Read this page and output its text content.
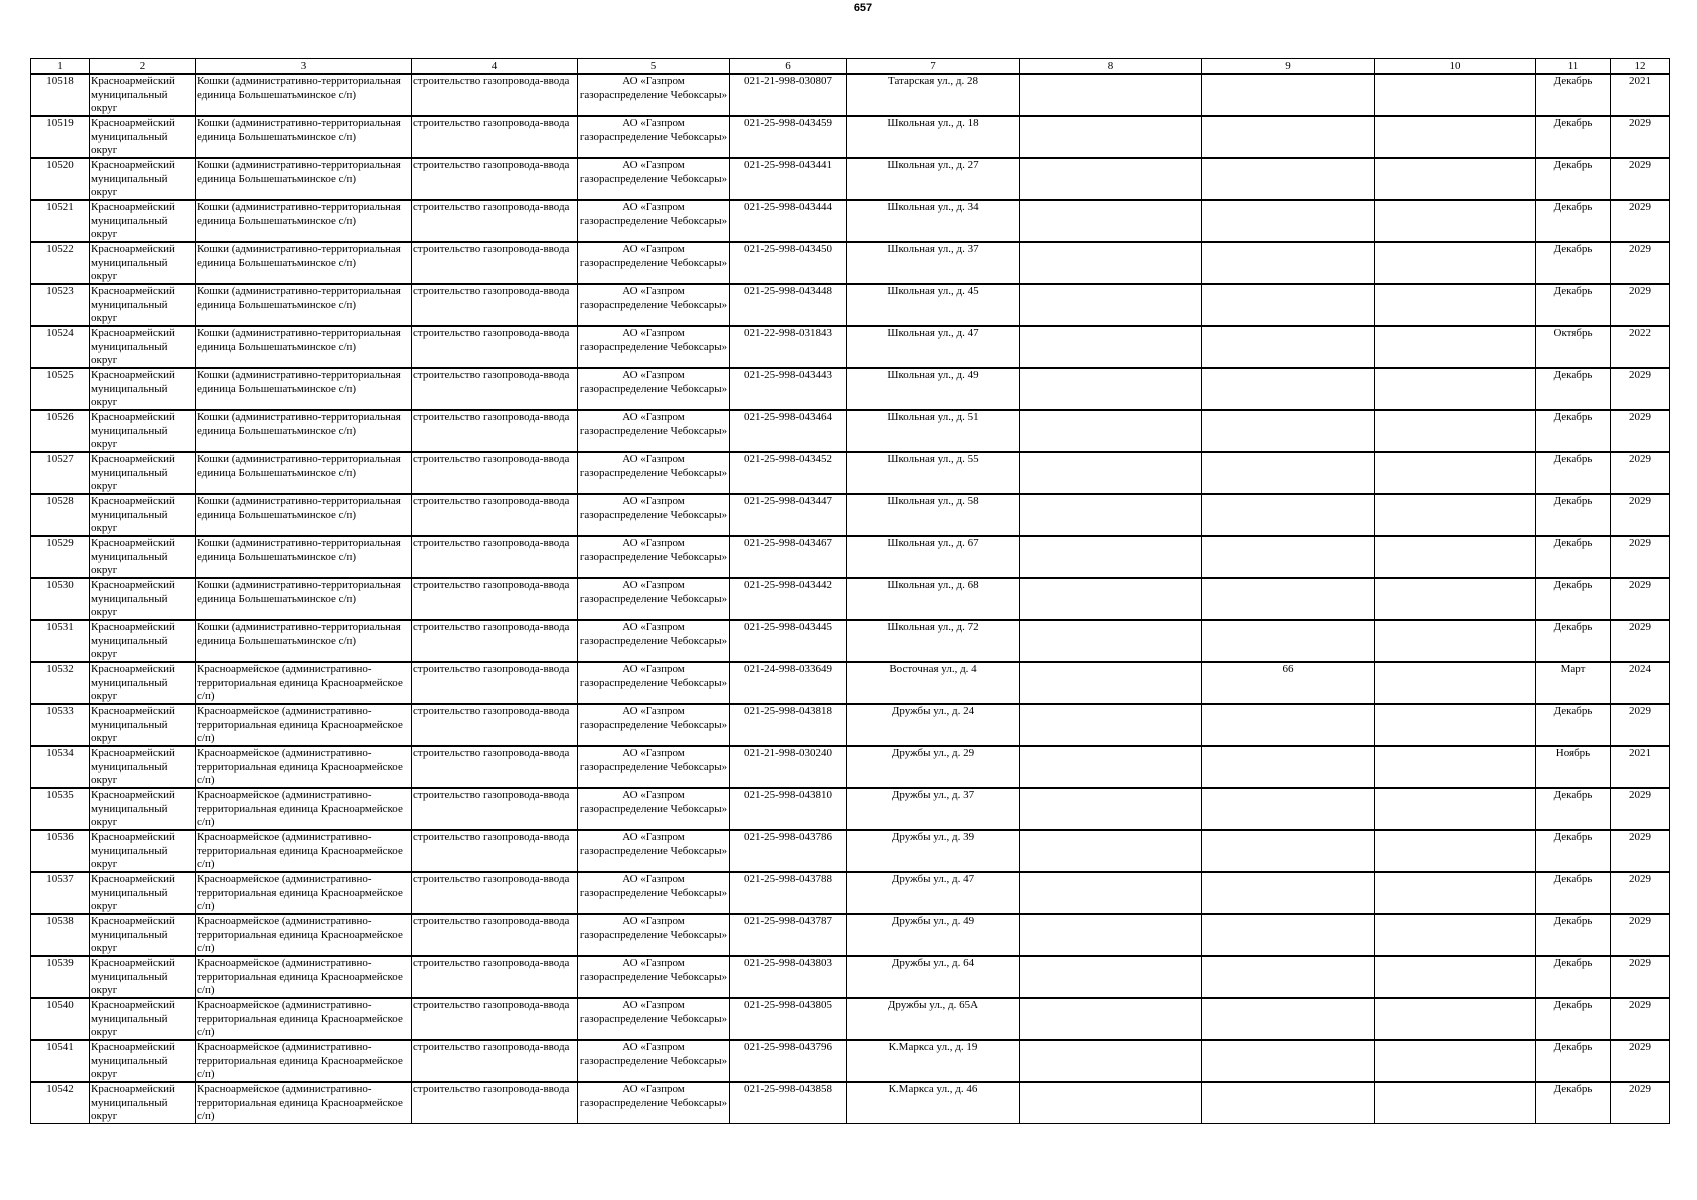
657
1	2	3	4	5	6	7	8	9	10	11	12

10518	Красноармейский муниципальный округ	Кошки (административно-территориальная единица Большешатьминское с/п)	строительство газопровода-ввода	АО «Газпром газораспределение Чебоксары»	021-21-998-030807	Татарская ул., д. 28				Декабрь	2021

10519	Красноармейский муниципальный округ	Кошки (административно-территориальная единица Большешатьминское с/п)	строительство газопровода-ввода	АО «Газпром газораспределение Чебоксары»	021-25-998-043459	Школьная ул., д. 18				Декабрь	2029

10520	Красноармейский муниципальный округ	Кошки (административно-территориальная единица Большешатьминское с/п)	строительство газопровода-ввода	АО «Газпром газораспределение Чебоксары»	021-25-998-043441	Школьная ул., д. 27				Декабрь	2029

10521	Красноармейский муниципальный округ	Кошки (административно-территориальная единица Большешатьминское с/п)	строительство газопровода-ввода	АО «Газпром газораспределение Чебоксары»	021-25-998-043444	Школьная ул., д. 34				Декабрь	2029

10522	Красноармейский муниципальный округ	Кошки (административно-территориальная единица Большешатьминское с/п)	строительство газопровода-ввода	АО «Газпром газораспределение Чебоксары»	021-25-998-043450	Школьная ул., д. 37				Декабрь	2029

10523	Красноармейский муниципальный округ	Кошки (административно-территориальная единица Большешатьминское с/п)	строительство газопровода-ввода	АО «Газпром газораспределение Чебоксары»	021-25-998-043448	Школьная ул., д. 45				Декабрь	2029

10524	Красноармейский муниципальный округ	Кошки (административно-территориальная единица Большешатьминское с/п)	строительство газопровода-ввода	АО «Газпром газораспределение Чебоксары»	021-22-998-031843	Школьная ул., д. 47				Октябрь	2022

10525	Красноармейский муниципальный округ	Кошки (административно-территориальная единица Большешатьминское с/п)	строительство газопровода-ввода	АО «Газпром газораспределение Чебоксары»	021-25-998-043443	Школьная ул., д. 49				Декабрь	2029

10526	Красноармейский муниципальный округ	Кошки (административно-территориальная единица Большешатьминское с/п)	строительство газопровода-ввода	АО «Газпром газораспределение Чебоксары»	021-25-998-043464	Школьная ул., д. 51				Декабрь	2029

10527	Красноармейский муниципальный округ	Кошки (административно-территориальная единица Большешатьминское с/п)	строительство газопровода-ввода	АО «Газпром газораспределение Чебоксары»	021-25-998-043452	Школьная ул., д. 55				Декабрь	2029

10528	Красноармейский муниципальный округ	Кошки (административно-территориальная единица Большешатьминское с/п)	строительство газопровода-ввода	АО «Газпром газораспределение Чебоксары»	021-25-998-043447	Школьная ул., д. 58				Декабрь	2029

10529	Красноармейский муниципальный округ	Кошки (административно-территориальная единица Большешатьминское с/п)	строительство газопровода-ввода	АО «Газпром газораспределение Чебоксары»	021-25-998-043467	Школьная ул., д. 67				Декабрь	2029

10530	Красноармейский муниципальный округ	Кошки (административно-территориальная единица Большешатьминское с/п)	строительство газопровода-ввода	АО «Газпром газораспределение Чебоксары»	021-25-998-043442	Школьная ул., д. 68				Декабрь	2029

10531	Красноармейский муниципальный округ	Кошки (административно-территориальная единица Большешатьминское с/п)	строительство газопровода-ввода	АО «Газпром газораспределение Чебоксары»	021-25-998-043445	Школьная ул., д. 72				Декабрь	2029

10532	Красноармейский муниципальный округ	Красноармейское (административно-территориальная единица Красноармейское с/п)	строительство газопровода-ввода	АО «Газпром газораспределение Чебоксары»	021-24-998-033649	Восточная ул., д. 4		66		Март	2024

10533	Красноармейский муниципальный округ	Красноармейское (административно-территориальная единица Красноармейское с/п)	строительство газопровода-ввода	АО «Газпром газораспределение Чебоксары»	021-25-998-043818	Дружбы ул., д. 24				Декабрь	2029

10534	Красноармейский муниципальный округ	Красноармейское (административно-территориальная единица Красноармейское с/п)	строительство газопровода-ввода	АО «Газпром газораспределение Чебоксары»	021-21-998-030240	Дружбы ул., д. 29				Ноябрь	2021

10535	Красноармейский муниципальный округ	Красноармейское (административно-территориальная единица Красноармейское с/п)	строительство газопровода-ввода	АО «Газпром газораспределение Чебоксары»	021-25-998-043810	Дружбы ул., д. 37				Декабрь	2029

10536	Красноармейский муниципальный округ	Красноармейское (административно-территориальная единица Красноармейское с/п)	строительство газопровода-ввода	АО «Газпром газораспределение Чебоксары»	021-25-998-043786	Дружбы ул., д. 39				Декабрь	2029

10537	Красноармейский муниципальный округ	Красноармейское (административно-территориальная единица Красноармейское с/п)	строительство газопровода-ввода	АО «Газпром газораспределение Чебоксары»	021-25-998-043788	Дружбы ул., д. 47				Декабрь	2029

10538	Красноармейский муниципальный округ	Красноармейское (административно-территориальная единица Красноармейское с/п)	строительство газопровода-ввода	АО «Газпром газораспределение Чебоксары»	021-25-998-043787	Дружбы ул., д. 49				Декабрь	2029

10539	Красноармейский муниципальный округ	Красноармейское (административно-территориальная единица Красноармейское с/п)	строительство газопровода-ввода	АО «Газпром газораспределение Чебоксары»	021-25-998-043803	Дружбы ул., д. 64				Декабрь	2029

10540	Красноармейский муниципальный округ	Красноармейское (административно-территориальная единица Красноармейское с/п)	строительство газопровода-ввода	АО «Газпром газораспределение Чебоксары»	021-25-998-043805	Дружбы ул., д. 65А				Декабрь	2029

10541	Красноармейский муниципальный округ	Красноармейское (административно-территориальная единица Красноармейское с/п)	строительство газопровода-ввода	АО «Газпром газораспределение Чебоксары»	021-25-998-043796	К.Маркса ул., д. 19				Декабрь	2029

10542	Красноармейский муниципальный округ	Красноармейское (административно-территориальная единица Красноармейское с/п)	строительство газопровода-ввода	АО «Газпром газораспределение Чебоксары»	021-25-998-043858	К.Маркса ул., д. 46				Декабрь	2029
